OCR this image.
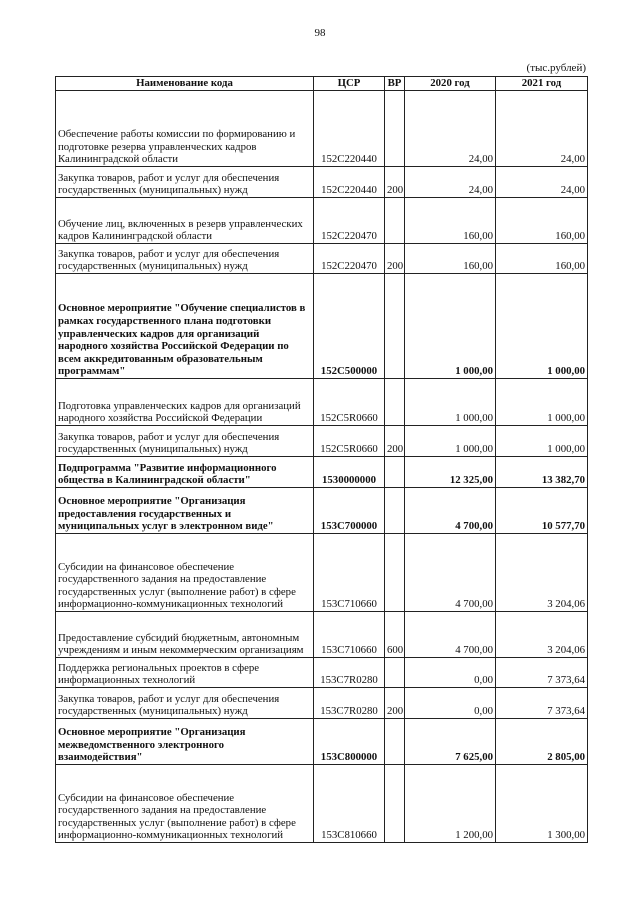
98
(тыс.рублей)
Наименование кода	ЦСР	ВР	2020 год	2021 год
Обеспечение работы комиссии по формированию и подготовке резерва управленческих кадров Калининградской области	152C220440		24,00	24,00
Закупка товаров, работ и услуг для обеспечения государственных (муниципальных) нужд	152C220440	200	24,00	24,00
Обучение лиц, включенных в резерв управленческих кадров Калининградской области	152C220470		160,00	160,00
Закупка товаров, работ и услуг для обеспечения государственных (муниципальных) нужд	152C220470	200	160,00	160,00
Основное мероприятие "Обучение специалистов в рамках государственного плана подготовки управленческих кадров для организаций народного хозяйства Российской Федерации по всем аккредитованным образовательным программам"	152C500000		1 000,00	1 000,00
Подготовка управленческих кадров для организаций народного хозяйства Российской Федерации	152C5R0660		1 000,00	1 000,00
Закупка товаров, работ и услуг для обеспечения государственных (муниципальных) нужд	152C5R0660	200	1 000,00	1 000,00
Подпрограмма "Развитие информационного общества в Калининградской области"	1530000000		12 325,00	13 382,70
Основное мероприятие "Организация предоставления государственных и муниципальных услуг в электронном виде"	153C700000		4 700,00	10 577,70
Субсидии на финансовое обеспечение государственного задания на предоставление государственных услуг (выполнение работ) в сфере информационно-коммуникационных технологий	153C710660		4 700,00	3 204,06
Предоставление субсидий бюджетным, автономным учреждениям и иным некоммерческим организациям	153C710660	600	4 700,00	3 204,06
Поддержка региональных проектов в сфере информационных технологий	153C7R0280		0,00	7 373,64
Закупка товаров, работ и услуг для обеспечения государственных (муниципальных) нужд	153C7R0280	200	0,00	7 373,64
Основное мероприятие "Организация межведомственного электронного взаимодействия"	153C800000		7 625,00	2 805,00
Субсидии на финансовое обеспечение государственного задания на предоставление государственных услуг (выполнение работ) в сфере информационно-коммуникационных технологий	153C810660		1 200,00	1 300,00
